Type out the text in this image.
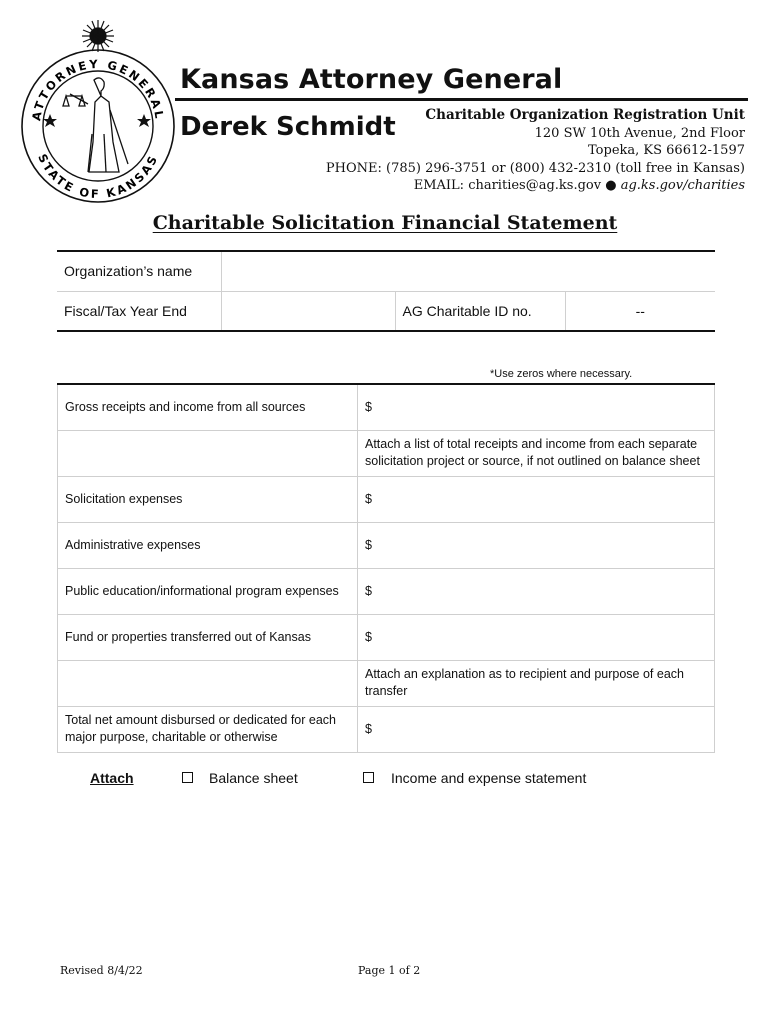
ATTORNEY GENERAL
STATE OF KANSAS
Kansas Attorney General
Derek Schmidt	Charitable Organization Registration Unit
120 SW 10th Avenue, 2nd Floor
Topeka, KS 66612-1597
PHONE: (785) 296-3751 or (800) 432-2310 (toll free in Kansas)
EMAIL: charities@ag.ks.gov ● ag.ks.gov/charities
Charitable Solicitation Financial Statement
Organization’s name			
Fiscal/Tax Year End		AG Charitable ID no.	--
*Use zeros where necessary.
Gross receipts and income from all sources	$
	Attach a list of total receipts and income from each separate solicitation project or source, if not outlined on balance sheet
Solicitation expenses	$
Administrative expenses	$
Public education/informational program expenses	$
Fund or properties transferred out of Kansas	$
	Attach an explanation as to recipient and purpose of each transfer
Total net amount disbursed or dedicated for each major purpose, charitable or otherwise	$
Attach	Balance sheet	Income and expense statement
Revised 8/4/22	Page 1 of 2
